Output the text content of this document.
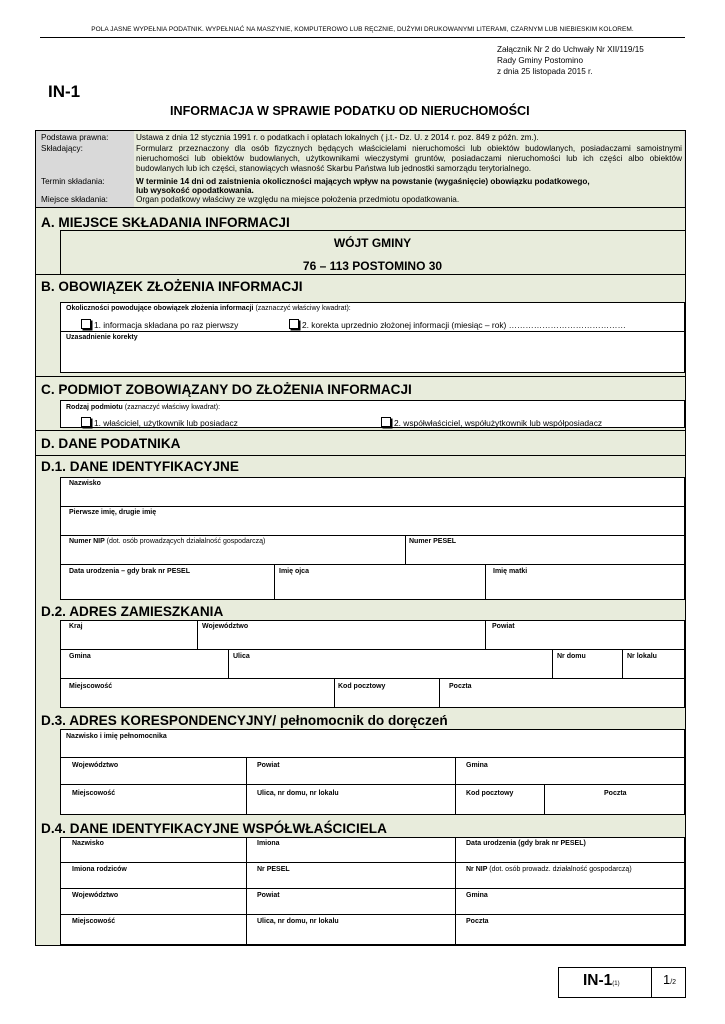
POLA JASNE WYPEŁNIA PODATNIK. WYPEŁNIAĆ NA MASZYNIE, KOMPUTEROWO LUB RĘCZNIE, DUŻYMI DRUKOWANYMI LITERAMI, CZARNYM LUB NIEBIESKIM KOLOREM.
Załącznik Nr 2 do Uchwały Nr XII/119/15
Rady Gminy Postomino
z dnia 25 listopada 2015 r.
IN-1
INFORMACJA W SPRAWIE PODATKU OD NIERUCHOMOŚCI
Podstawa prawna:	Ustawa z dnia 12 stycznia 1991 r. o podatkach i opłatach lokalnych ( j.t.- Dz. U. z 2014 r. poz. 849 z późn. zm.).
Składający:	Formularz przeznaczony dla osób fizycznych będących właścicielami nieruchomości lub obiektów budowlanych, posiadaczami samoistnymi nieruchomości lub obiektów budowlanych, użytkownikami wieczystymi gruntów, posiadaczami nieruchomości lub ich części albo obiektów budowlanych lub ich części, stanowiących własność Skarbu Państwa lub jednostki samorządu terytorialnego.
Termin składania:	W terminie 14 dni od zaistnienia okoliczności mających wpływ na powstanie (wygaśnięcie) obowiązku podatkowego,
lub wysokość opodatkowania.
Miejsce składania:	Organ podatkowy właściwy ze względu na miejsce położenia przedmiotu opodatkowania.
A. MIEJSCE SKŁADANIA INFORMACJI
WÓJT GMINY
76 – 113 POSTOMINO 30
B. OBOWIĄZEK ZŁOŻENIA INFORMACJI
Okoliczności powodujące obowiązek złożenia informacji (zaznaczyć właściwy kwadrat):
1. informacja składana po raz pierwszy	2. korekta uprzednio złożonej informacji (miesiąc – rok) ……………………………………
Uzasadnienie korekty
C. PODMIOT ZOBOWIĄZANY DO ZŁOŻENIA INFORMACJI
Rodzaj podmiotu (zaznaczyć właściwy kwadrat):
1. właściciel, użytkownik lub posiadacz	2. współwłaściciel, współużytkownik lub współposiadacz
D. DANE PODATNIKA
D.1. DANE IDENTYFIKACYJNE
Nazwisko
Pierwsze imię, drugie imię
Numer NIP (dot. osób prowadzących działalność gospodarczą)	Numer PESEL
Data urodzenia – gdy brak nr PESEL	Imię ojca	Imię matki
D.2. ADRES ZAMIESZKANIA
Kraj	Województwo	Powiat
Gmina	Ulica	Nr domu	Nr lokalu
Miejscowość	Kod pocztowy	Poczta
D.3. ADRES KORESPONDENCYJNY/ pełnomocnik do doręczeń
Nazwisko i imię pełnomocnika
Województwo	Powiat	Gmina
Miejscowość	Ulica, nr domu, nr lokalu	Kod pocztowy	Poczta
D.4. DANE IDENTYFIKACYJNE WSPÓŁWŁAŚCICIELA
Nazwisko	Imiona	Data urodzenia (gdy brak nr PESEL)
Imiona rodziców	Nr PESEL	Nr NIP (dot. osób prowadz. działalność gospodarczą)
Województwo	Powiat	Gmina
Miejscowość	Ulica, nr domu, nr lokalu	Poczta
IN-1(1)	1/2
